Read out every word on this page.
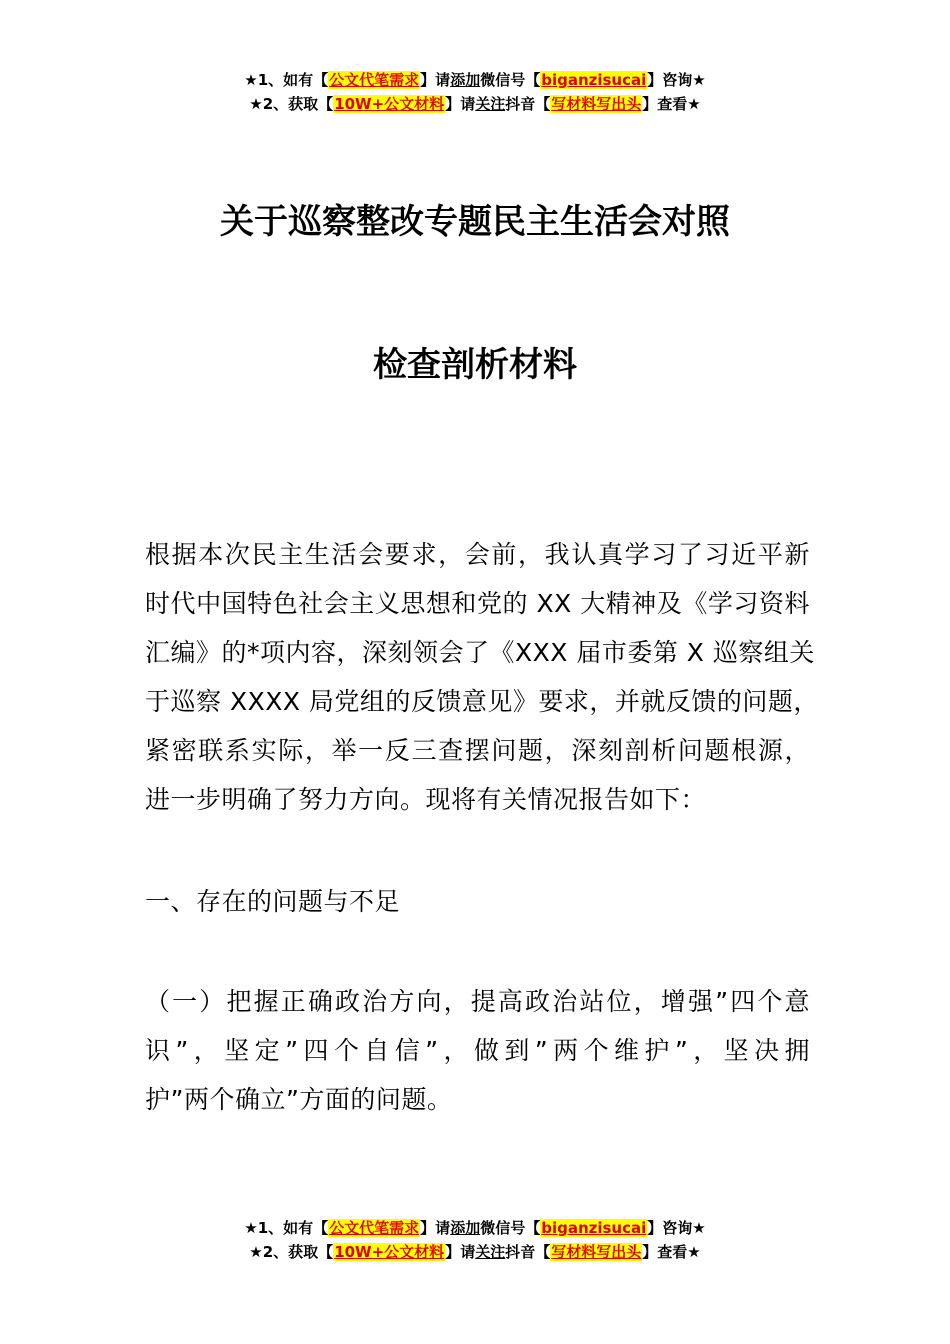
★1、如有【公文代笔需求】请添加微信号【biganzisucai】咨询★
★2、获取【10W+公文材料】请关注抖音【写材料写出头】查看★
关于巡察整改专题民主生活会对照
检查剖析材料
根据本次民主生活会要求，会前，我认真学习了习近平新
时代中国特色社会主义思想和党的 XX 大精神及《学习资料
汇编》的*项内容，深刻领会了《XXX 届市委第 X 巡察组关
于巡察 XXXX 局党组的反馈意见》要求，并就反馈的问题，
紧密联系实际，举一反三查摆问题，深刻剖析问题根源，
进一步明确了努力方向。现将有关情况报告如下：
一、存在的问题与不足
（一）把握正确政治方向，提高政治站位，增强”四个意
识”，坚定”四个自信”，做到”两个维护”，坚决拥
护”两个确立”方面的问题。
★1、如有【公文代笔需求】请添加微信号【biganzisucai】咨询★
★2、获取【10W+公文材料】请关注抖音【写材料写出头】查看★
